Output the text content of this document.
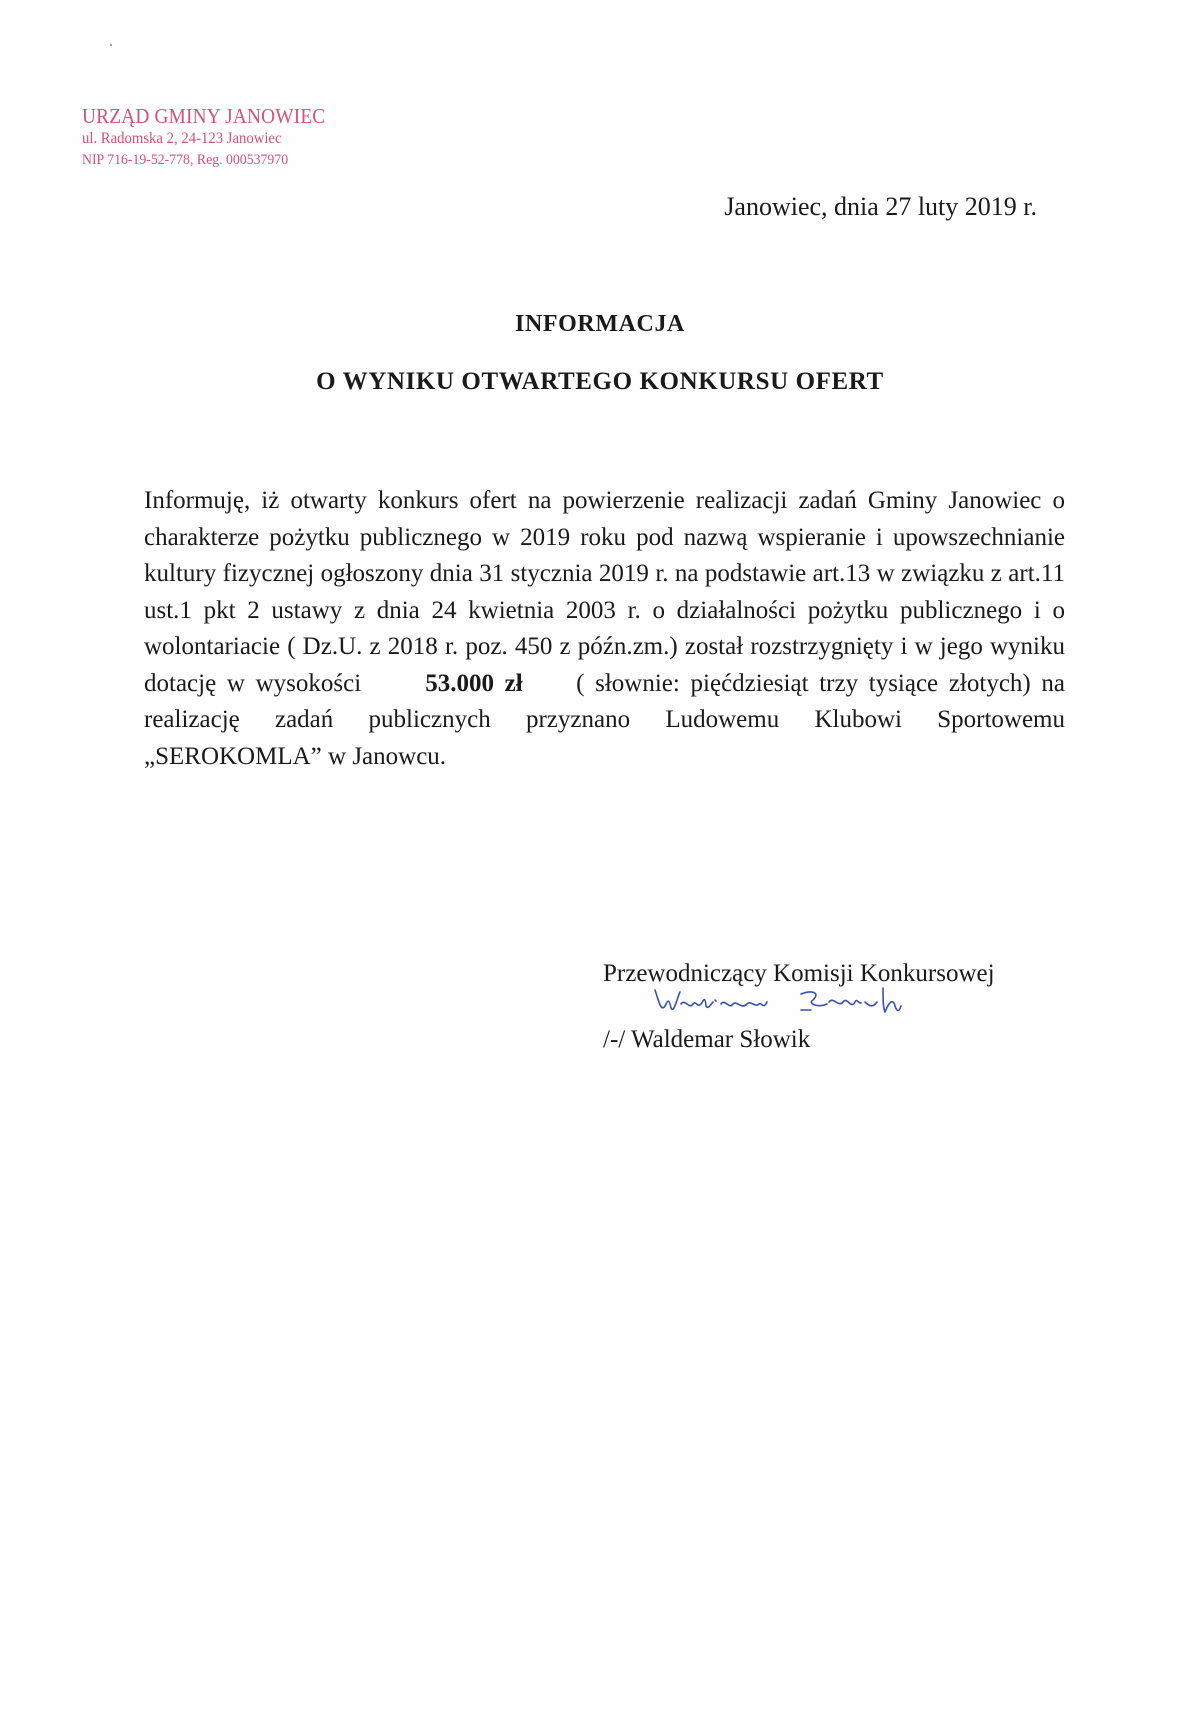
URZĄD GMINY JANOWIEC
ul. Radomska 2, 24-123 Janowiec
NIP 716-19-52-778, Reg. 000537970
Janowiec, dnia 27 luty 2019 r.
INFORMACJA
O WYNIKU OTWARTEGO KONKURSU OFERT

Informuję, iż otwarty konkurs ofert na powierzenie realizacji zadań Gminy Janowiec o charakterze pożytku publicznego w 2019 roku pod nazwą wspieranie i upowszechnianie kultury fizycznej ogłoszony dnia 31 stycznia 2019 r. na podstawie art.13 w związku z art.11 ust.1 pkt 2 ustawy z dnia 24 kwietnia 2003 r. o działalności pożytku publicznego i o wolontariacie ( Dz.U. z 2018 r. poz. 450 z późn.zm.) został rozstrzygnięty i w jego wyniku dotację w wysokości	53.000 zł ( słownie: pięćdziesiąt trzy tysiące złotych) na realizację zadań publicznych przyznano Ludowemu Klubowi Sportowemu „SEROKOMLA” w Janowcu.

Przewodniczący Komisji Konkursowej
/-/ Waldemar Słowik
